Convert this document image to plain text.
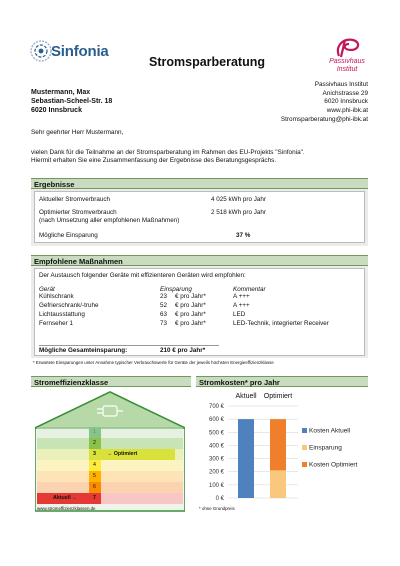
Sinfonia
Stromsparberatung	Passivhaus
Institut
Mustermann, Max
Sebastian-Scheel-Str. 18
6020 Innsbruck
Passivhaus Institut
Anichstrasse 29
6020 Innsbruck
www.phi-ibk.at
Stromsparberatung@phi-ibk.at
Sehr geehrter Herr Mustermann,
vielen Dank für die Teilnahme an der Stromsparberatung im Rahmen des EU-Projekts "Sinfonia".
Hiermit erhalten Sie eine Zusammenfassung der Ergebnisse des Beratungsgesprächs.
Ergebnisse
Aktueller Stromverbrauch	4 025 kWh pro Jahr
Optimierter Stromverbrauch
(nach Umsetzung aller empfohlenen Maßnahmen)
2 518 kWh pro Jahr
Mögliche Einsparung	37 %
Empfohlene Maßnahmen
Der Austausch folgender Geräte mit effizienteren Geräten wird empfohlen:
Gerät	Einsparung	Kommentar
Kühlschrank	23 € pro Jahr*	A +++
Gefrierschrank/-truhe	52 € pro Jahr*	A +++
Lichtausstattung	63 € pro Jahr*	LED
Fernseher 1	73 € pro Jahr*	LED-Technik, integrierter Receiver
Mögliche Gesamteinsparung:	210 € pro Jahr*
* Erwartete Einsparungen unter Annahme typischer Verbrauchswerte für Geräte der jeweils höchsten Energieeffizienzklasse
Stromeffizienzklasse
2
3 → Optimiert
4
5
6
Aktuell ←	7
www.stromeffizienzklassen.de
Stromkosten* pro Jahr
0 €
100 €
200 €
300 €
400 €
500 €
600 €
700 €
Aktuell Optimiert
Kosten Aktuell
Einsparung
Kosten Optimiert
* ohne Grundpreis
